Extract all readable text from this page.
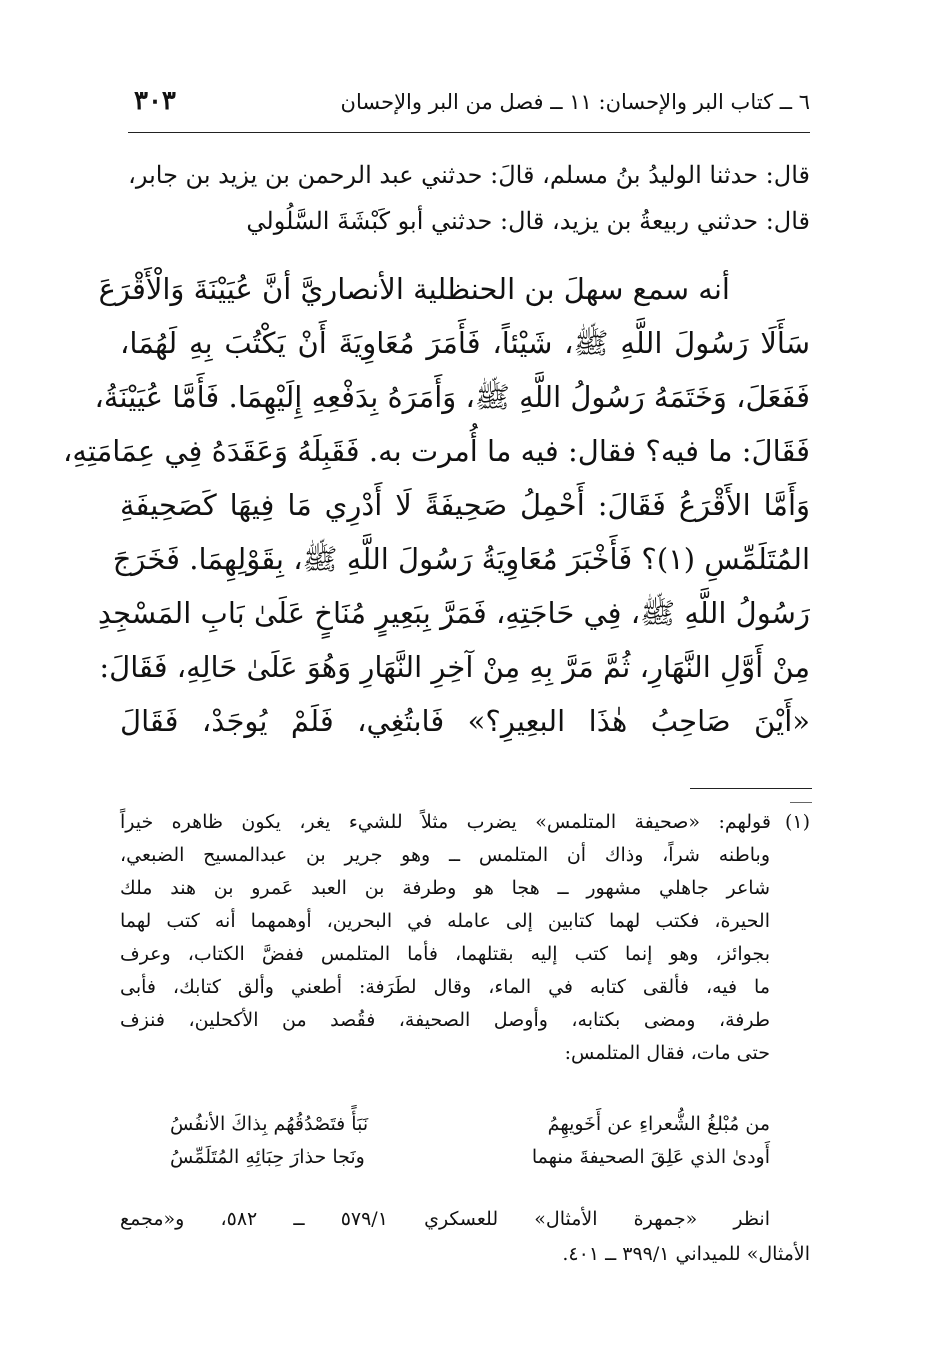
٦ ــ كتاب البر والإحسان: ١١ ــ فصل من البر والإحسان
٣٠٣
قال: حدثنا الوليدُ بنُ مسلم، قالَ: حدثني عبد الرحمن بن يزيد بن جابر،
قال: حدثني ربيعةُ بن يزيد، قال: حدثني أبو كَبْشَةَ السَّلُولي
أنه سمع سهلَ بن الحنظلية الأنصاريَّ أنَّ عُيَيْنَةَ وَالْأَقْرَعَ
سَأَلَا رَسُولَ اللَّهِ ﷺ، شَيْئاً، فَأَمَرَ مُعَاوِيَةَ أَنْ يَكْتُبَ بِهِ لَهُمَا،
فَفَعَلَ، وَخَتَمَهُ رَسُولُ اللَّهِ ﷺ، وَأَمَرَهُ بِدَفْعِهِ إِلَيْهِمَا. فَأَمَّا عُيَيْنَةُ،
فَقَالَ: ما فيه؟ فقال: فيه ما أُمرت به. فَقَبِلَهُ وَعَقَدَهُ فِي عِمَامَتِهِ،
وَأَمَّا الأَقْرَعُ فَقَالَ: أَحْمِلُ صَحِيفَةً لَا أَدْرِي مَا فِيهَا كَصَحِيفَةِ
المُتَلَمِّسِ (١)؟ فَأَخْبَرَ مُعَاوِيَةُ رَسُولَ اللَّهِ ﷺ، بِقَوْلِهِمَا. فَخَرَجَ
رَسُولُ اللَّهِ ﷺ، فِي حَاجَتِهِ، فَمَرَّ بِبَعِيرٍ مُنَاخٍ عَلَىٰ بَابِ المَسْجِدِ
مِنْ أَوَّلِ النَّهَارِ، ثُمَّ مَرَّ بِهِ مِنْ آخِرِ النَّهَارِ وَهُوَ عَلَىٰ حَالِهِ، فَقَالَ:
«أَيْنَ صَاحِبُ هٰذَا البعِيرِ؟» فَابتُغِي، فَلَمْ يُوجَدْ، فَقَالَ
(١)قولهم: «صحيفة المتلمس» يضرب مثلاً للشيء يغر، يكون ظاهره خيراً
وباطنه شراً، وذاك أن المتلمس ــ وهو جرير بن عبدالمسيح الضبعي،
شاعر جاهلي مشهور ــ هجا هو وطرفة بن العبد عَمرو بن هند ملك
الحيرة، فكتب لهما كتابين إلى عامله في البحرين، أوهمهما أنه كتب لهما
بجوائز، وهو إنما كتب إليه بقتلهما، فأما المتلمس ففضَّ الكتاب، وعرف
ما فيه، فألقى كتابه في الماء، وقال لطَرَفة: أطعني وألق كتابك، فأبى
طرفة، ومضى بكتابه، وأوصل الصحيفة، فقُصد من الأكحلين، فنزف
حتى مات، فقال المتلمس:
من مُبْلغُ الشُّعراءِ عن أَخَويهِمُ
نَبَأً فتَصْدُقُهُم بِذاكَ الأنفُسُ
أَودىٰ الذي عَلِقَ الصحيفةَ منهما
ونَجا حذارَ حِبَائِهِ المُتَلَمِّسُ
انظر «جمهرة الأمثال» للعسكري ٥٧٩/١ ــ ٥٨٢، و«مجمع
الأمثال» للميداني ٣٩٩/١ ــ ٤٠١.
